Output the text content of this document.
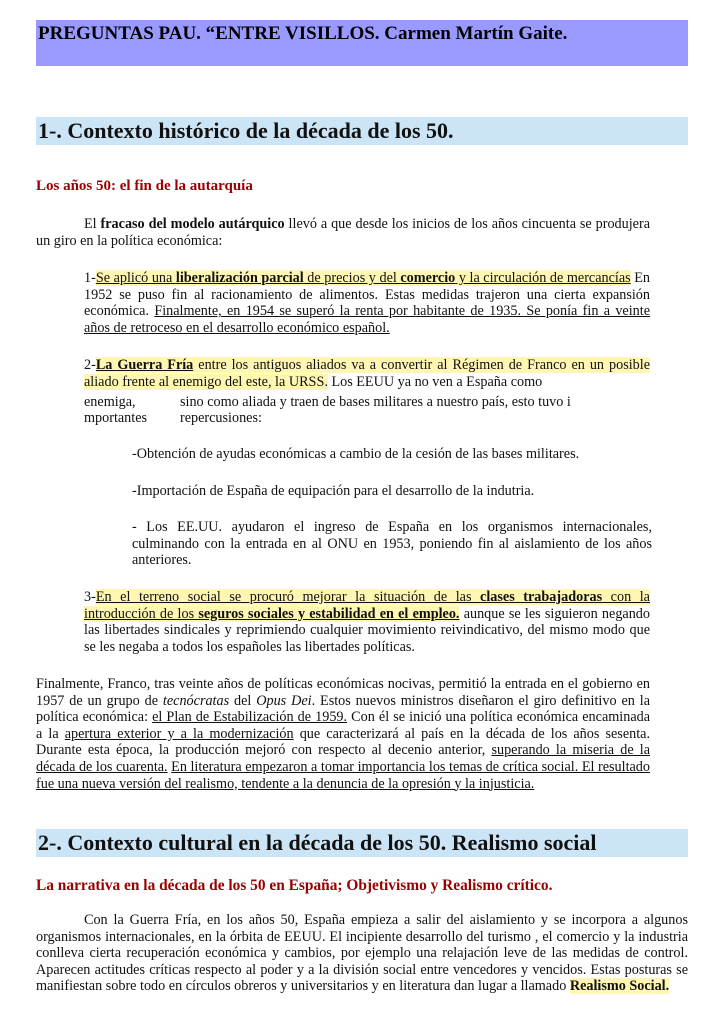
PREGUNTAS PAU. “ENTRE VISILLOS. Carmen Martín Gaite.
1-. Contexto histórico de la década de los 50.
Los años 50: el fin de la autarquía
El fracaso del modelo autárquico llevó a que desde los inicios de los años cincuenta se produjera un giro en la política económica:
1-Se aplicó una liberalización parcial de precios y del comercio y la circulación de mercancías En 1952 se puso fin al racionamiento de alimentos. Estas medidas trajeron una cierta expansión económica. Finalmente, en 1954 se superó la renta por habitante de 1935. Se ponía fin a veinte años de retroceso en el desarrollo económico español.
2-La Guerra Fría entre los antiguos aliados va a convertir al Régimen de Franco en un posible aliado frente al enemigo del este, la URSS. Los EEUU ya no ven a España como
enemiga,	sino como aliada y traen de bases militares a nuestro país, esto tuvo i
mportantes repercusiones:
-Obtención de ayudas económicas a cambio de la cesión de las bases militares.
-Importación de España de equipación para el desarrollo de la indutria.
- Los EE.UU. ayudaron el ingreso de España en los organismos internacionales, culminando con la entrada en al ONU en 1953, poniendo fin al aislamiento de los años anteriores.
3-En el terreno social se procuró mejorar la situación de las clases trabajadoras con la introducción de los seguros sociales y estabilidad en el empleo. aunque se les siguieron negando las libertades sindicales y reprimiendo cualquier movimiento reivindicativo, del mismo modo que se les negaba a todos los españoles las libertades políticas.
Finalmente, Franco, tras veinte años de políticas económicas nocivas, permitió la entrada en el gobierno en 1957 de un grupo de tecnócratas del Opus Dei. Estos nuevos ministros diseñaron el giro definitivo en la política económica: el Plan de Estabilización de 1959. Con él se inició una política económica encaminada a la apertura exterior y a la modernización que caracterizará al país en la década de los años sesenta. Durante esta época, la producción mejoró con respecto al decenio anterior, superando la miseria de la década de los cuarenta. En literatura empezaron a tomar importancia los temas de crítica social. El resultado fue una nueva versión del realismo, tendente a la denuncia de la opresión y la injusticia.
2-. Contexto cultural en la década de los 50. Realismo social
La narrativa en la década de los 50 en España; Objetivismo y Realismo crítico.
Con la Guerra Fría, en los años 50, España empieza a salir del aislamiento y se incorpora a algunos organismos internacionales, en la órbita de EEUU. El incipiente desarrollo del turismo , el comercio y la industria conlleva cierta recuperación económica y cambios, por ejemplo una relajación leve de las medidas de control. Aparecen actitudes críticas respecto al poder y a la división social entre vencedores y vencidos. Estas posturas se manifiestan sobre todo en círculos obreros y universitarios y en literatura dan lugar a llamado Realismo Social.
